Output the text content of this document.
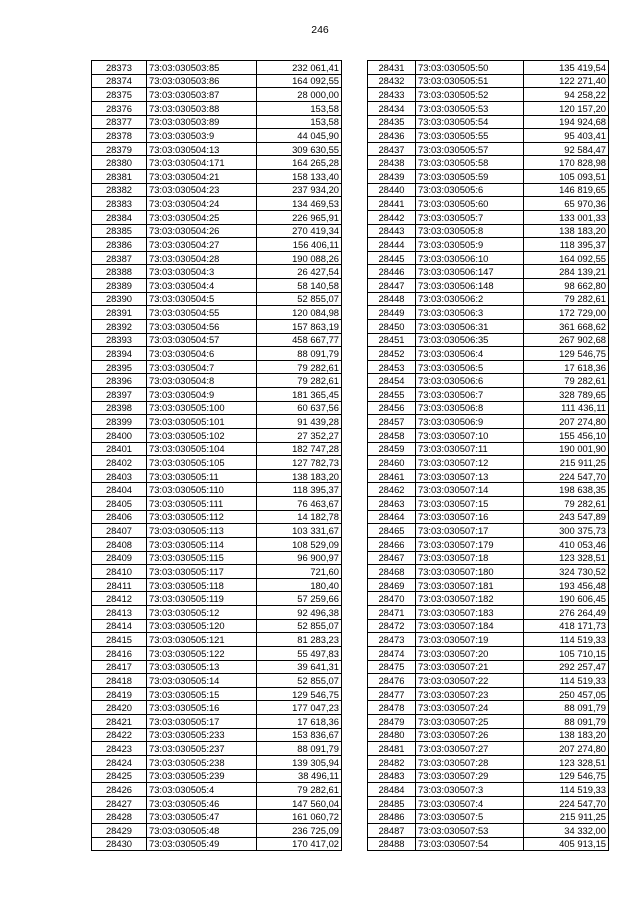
246
28373	73:03:030503:85	232 061,41
28374	73:03:030503:86	164 092,55
28375	73:03:030503:87	28 000,00
28376	73:03:030503:88	153,58
28377	73:03:030503:89	153,58
28378	73:03:030503:9	44 045,90
28379	73:03:030504:13	309 630,55
28380	73:03:030504:171	164 265,28
28381	73:03:030504:21	158 133,40
28382	73:03:030504:23	237 934,20
28383	73:03:030504:24	134 469,53
28384	73:03:030504:25	226 965,91
28385	73:03:030504:26	270 419,34
28386	73:03:030504:27	156 406,11
28387	73:03:030504:28	190 088,26
28388	73:03:030504:3	26 427,54
28389	73:03:030504:4	58 140,58
28390	73:03:030504:5	52 855,07
28391	73:03:030504:55	120 084,98
28392	73:03:030504:56	157 863,19
28393	73:03:030504:57	458 667,77
28394	73:03:030504:6	88 091,79
28395	73:03:030504:7	79 282,61
28396	73:03:030504:8	79 282,61
28397	73:03:030504:9	181 365,45
28398	73:03:030505:100	60 637,56
28399	73:03:030505:101	91 439,28
28400	73:03:030505:102	27 352,27
28401	73:03:030505:104	182 747,28
28402	73:03:030505:105	127 782,73
28403	73:03:030505:11	138 183,20
28404	73:03:030505:110	118 395,37
28405	73:03:030505:111	76 463,67
28406	73:03:030505:112	14 182,78
28407	73:03:030505:113	103 331,67
28408	73:03:030505:114	108 529,09
28409	73:03:030505:115	96 900,97
28410	73:03:030505:117	721,60
28411	73:03:030505:118	180,40
28412	73:03:030505:119	57 259,66
28413	73:03:030505:12	92 496,38
28414	73:03:030505:120	52 855,07
28415	73:03:030505:121	81 283,23
28416	73:03:030505:122	55 497,83
28417	73:03:030505:13	39 641,31
28418	73:03:030505:14	52 855,07
28419	73:03:030505:15	129 546,75
28420	73:03:030505:16	177 047,23
28421	73:03:030505:17	17 618,36
28422	73:03:030505:233	153 836,67
28423	73:03:030505:237	88 091,79
28424	73:03:030505:238	139 305,94
28425	73:03:030505:239	38 496,11
28426	73:03:030505:4	79 282,61
28427	73:03:030505:46	147 560,04
28428	73:03:030505:47	161 060,72
28429	73:03:030505:48	236 725,09
28430	73:03:030505:49	170 417,02
28431	73:03:030505:50	135 419,54
28432	73:03:030505:51	122 271,40
28433	73:03:030505:52	94 258,22
28434	73:03:030505:53	120 157,20
28435	73:03:030505:54	194 924,68
28436	73:03:030505:55	95 403,41
28437	73:03:030505:57	92 584,47
28438	73:03:030505:58	170 828,98
28439	73:03:030505:59	105 093,51
28440	73:03:030505:6	146 819,65
28441	73:03:030505:60	65 970,36
28442	73:03:030505:7	133 001,33
28443	73:03:030505:8	138 183,20
28444	73:03:030505:9	118 395,37
28445	73:03:030506:10	164 092,55
28446	73:03:030506:147	284 139,21
28447	73:03:030506:148	98 662,80
28448	73:03:030506:2	79 282,61
28449	73:03:030506:3	172 729,00
28450	73:03:030506:31	361 668,62
28451	73:03:030506:35	267 902,68
28452	73:03:030506:4	129 546,75
28453	73:03:030506:5	17 618,36
28454	73:03:030506:6	79 282,61
28455	73:03:030506:7	328 789,65
28456	73:03:030506:8	111 436,11
28457	73:03:030506:9	207 274,80
28458	73:03:030507:10	155 456,10
28459	73:03:030507:11	190 001,90
28460	73:03:030507:12	215 911,25
28461	73:03:030507:13	224 547,70
28462	73:03:030507:14	198 638,35
28463	73:03:030507:15	79 282,61
28464	73:03:030507:16	243 547,89
28465	73:03:030507:17	300 375,73
28466	73:03:030507:179	410 053,46
28467	73:03:030507:18	123 328,51
28468	73:03:030507:180	324 730,52
28469	73:03:030507:181	193 456,48
28470	73:03:030507:182	190 606,45
28471	73:03:030507:183	276 264,49
28472	73:03:030507:184	418 171,73
28473	73:03:030507:19	114 519,33
28474	73:03:030507:20	105 710,15
28475	73:03:030507:21	292 257,47
28476	73:03:030507:22	114 519,33
28477	73:03:030507:23	250 457,05
28478	73:03:030507:24	88 091,79
28479	73:03:030507:25	88 091,79
28480	73:03:030507:26	138 183,20
28481	73:03:030507:27	207 274,80
28482	73:03:030507:28	123 328,51
28483	73:03:030507:29	129 546,75
28484	73:03:030507:3	114 519,33
28485	73:03:030507:4	224 547,70
28486	73:03:030507:5	215 911,25
28487	73:03:030507:53	34 332,00
28488	73:03:030507:54	405 913,15
